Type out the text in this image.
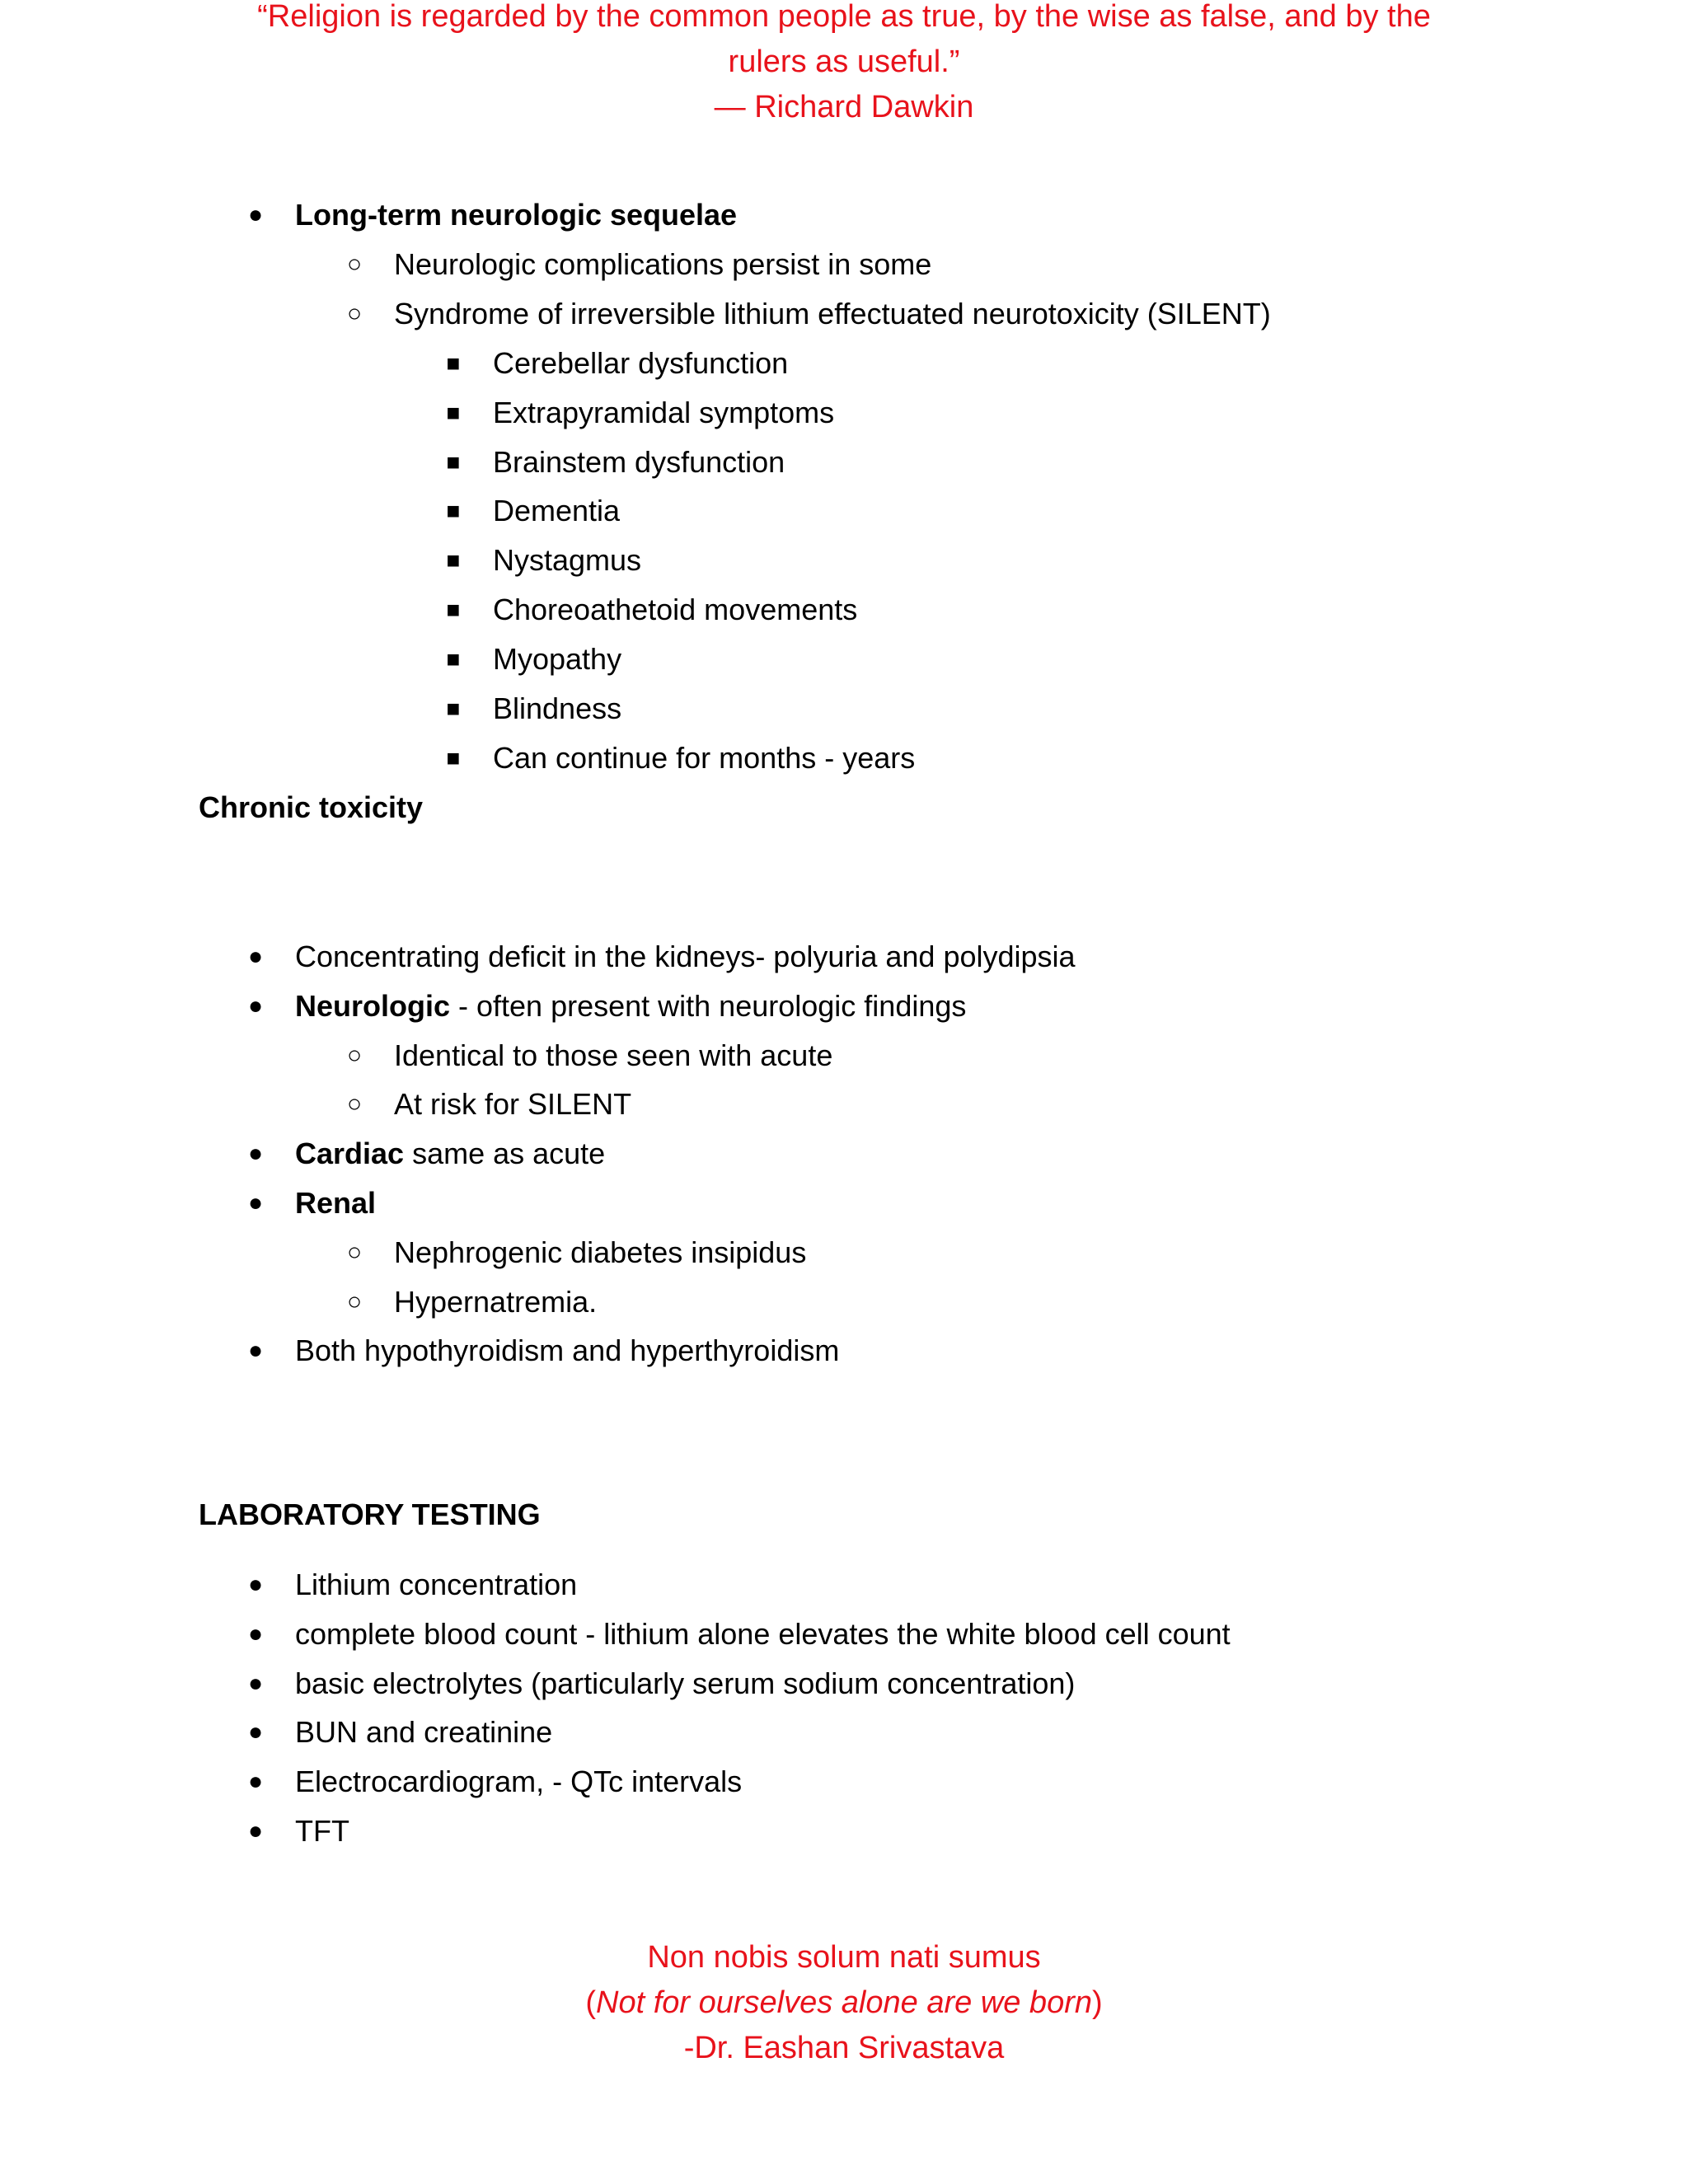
“Religion is regarded by the common people as true, by the wise as false, and by the
rulers as useful.”
— Richard Dawkin
●	Long-term neurologic sequelae
○	Neurologic complications persist in some
○	Syndrome of irreversible lithium effectuated neurotoxicity (SILENT)
■	Cerebellar dysfunction
■	Extrapyramidal symptoms
■	Brainstem dysfunction
■	Dementia
■	Nystagmus
■	Choreoathetoid movements
■	Myopathy
■	Blindness
■	Can continue for months - years
Chronic toxicity
●	Concentrating deficit in the kidneys- polyuria and polydipsia
●	Neurologic - often present with neurologic findings
○	Identical to those seen with acute
○	At risk for SILENT
●	Cardiac same as acute
●	Renal
○	Nephrogenic diabetes insipidus
○	Hypernatremia.
●	Both hypothyroidism and hyperthyroidism
LABORATORY TESTING
●	Lithium concentration
●	complete blood count - lithium alone elevates the white blood cell count
●	basic electrolytes (particularly serum sodium concentration)
●	BUN and creatinine
●	Electrocardiogram, - QTc intervals
●	TFT
Non nobis solum nati sumus
(Not for ourselves alone are we born)
-Dr. Eashan Srivastava
